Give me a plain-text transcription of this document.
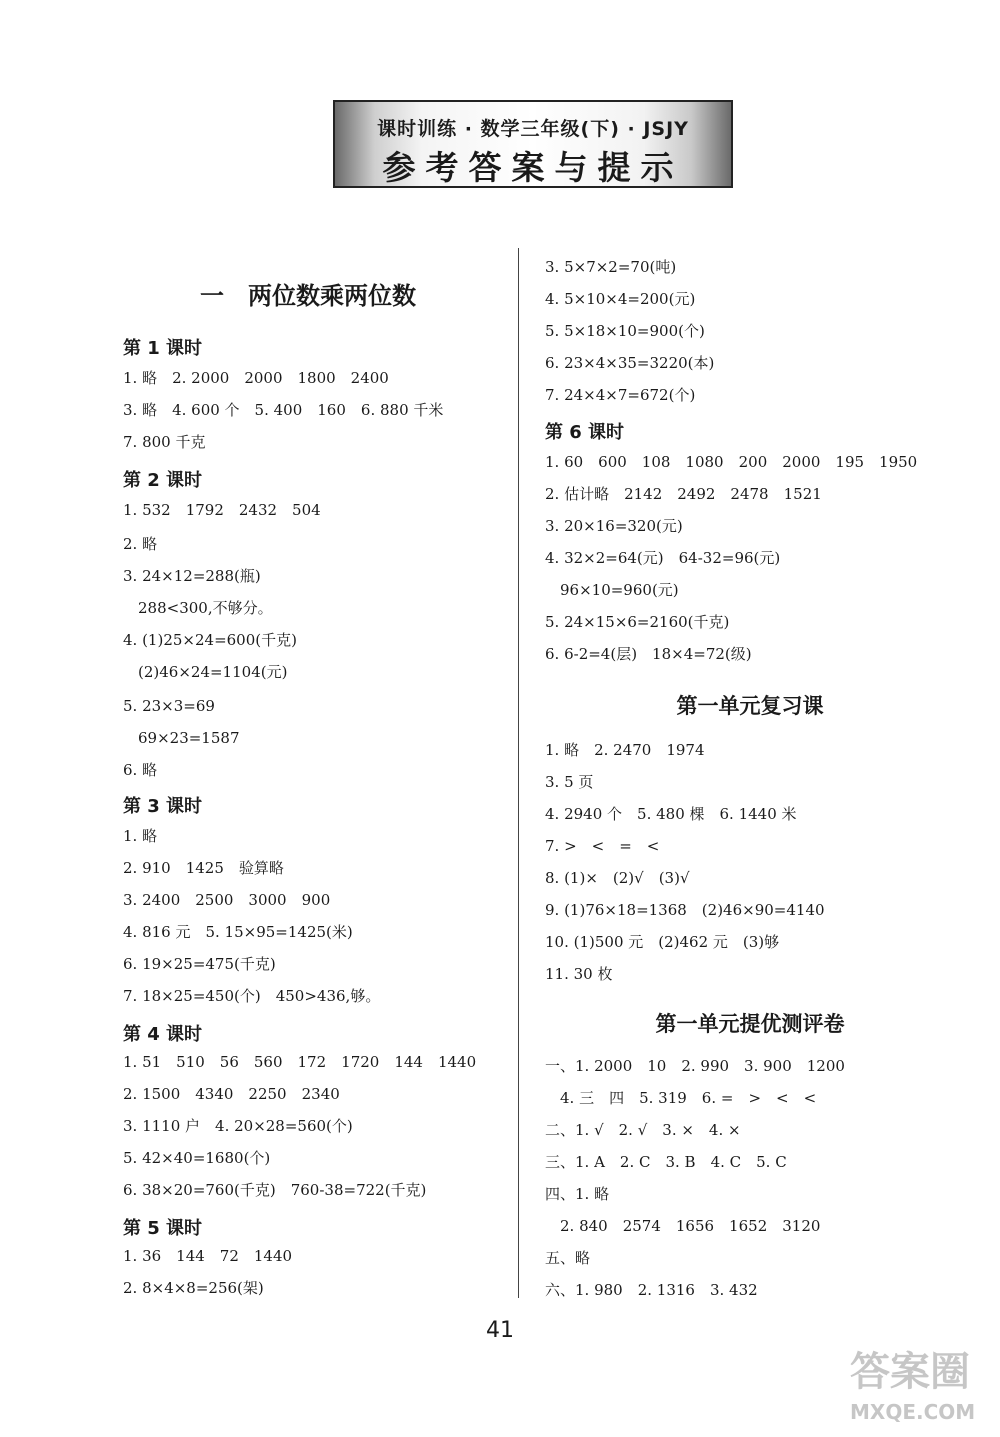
课时训练 · 数学三年级(下) · JSJY
参考答案与提示
一　两位数乘两位数
第 1 课时
1. 略　2. 2000　2000　1800　2400
3. 略　4. 600 个　5. 400　160　6. 880 千米
7. 800 千克
第 2 课时
1. 532　1792　2432　504
2. 略
3. 24×12=288(瓶)
　288<300,不够分。
4. (1)25×24=600(千克)
　(2)46×24=1104(元)
5. 23×3=69
　69×23=1587
6. 略
第 3 课时
1. 略
2. 910　1425　验算略
3. 2400　2500　3000　900
4. 816 元　5. 15×95=1425(米)
6. 19×25=475(千克)
7. 18×25=450(个)　450>436,够。
第 4 课时
1. 51　510　56　560　172　1720　144　1440
2. 1500　4340　2250　2340
3. 1110 户　4. 20×28=560(个)
5. 42×40=1680(个)
6. 38×20=760(千克)　760-38=722(千克)
第 5 课时
1. 36　144　72　1440
2. 8×4×8=256(架)
3. 5×7×2=70(吨)
4. 5×10×4=200(元)
5. 5×18×10=900(个)
6. 23×4×35=3220(本)
7. 24×4×7=672(个)
第 6 课时
1. 60　600　108　1080　200　2000　195　1950
2. 估计略　2142　2492　2478　1521
3. 20×16=320(元)
4. 32×2=64(元)　64-32=96(元)
　96×10=960(元)
5. 24×15×6=2160(千克)
6. 6-2=4(层)　18×4=72(级)
第一单元复习课
1. 略　2. 2470　1974
3. 5 页
4. 2940 个　5. 480 棵　6. 1440 米
7. >　<　=　<
8. (1)×　(2)√　(3)√
9. (1)76×18=1368　(2)46×90=4140
10. (1)500 元　(2)462 元　(3)够
11. 30 枚
第一单元提优测评卷
一、1. 2000　10　2. 990　3. 900　1200
　4. 三　四　5. 319　6. =　>　<　<
二、1. √　2. √　3. ×　4. ×
三、1. A　2. C　3. B　4. C　5. C
四、1. 略
　2. 840　2574　1656　1652　3120
五、略
六、1. 980　2. 1316　3. 432
41
答案圈
MXQE.COM
